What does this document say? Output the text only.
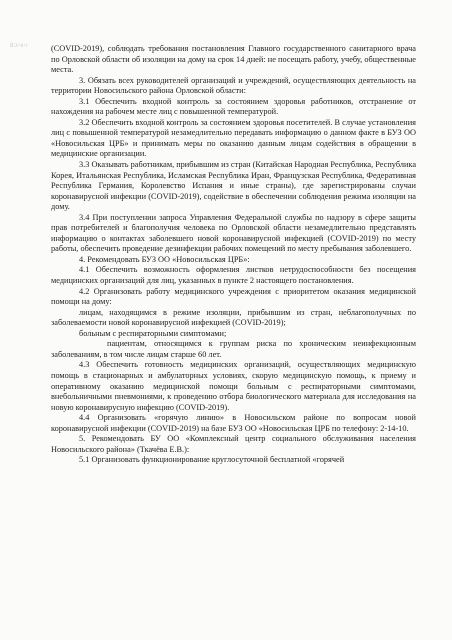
ЙЭ^8/г	(COVID-2019), соблюдать требования постановления Главного государственного санитарного врача по Орловской области об изоляции на дому на срок 14 дней: не посещать работу, учебу, общественные места.

3. Обязать всех руководителей организаций и учреждений, осуществляющих деятельность на территории Новосильского района Орловской области:

3.1 Обеспечить входной контроль за состоянием здоровья работников, отстранение от нахождения на рабочем месте лиц с повышенной температурой.

3.2 Обеспечить входной контроль за состоянием здоровья посетителей. В случае установления лиц с повышенной температурой незамедлительно передавать информацию о данном факте в БУЗ ОО «Новосильская ЦРБ» и принимать меры по оказанию данным лицам содействия в обращении в медицинские организации.

3.3 Оказывать работникам, прибывшим из стран (Китайская Народная Республика, Республика Корея, Итальянская Республика, Исламская Республика Иран, Французская Республика, Федеративная Республика Германия, Королевство Испания и иные страны), где зарегистрированы случаи коронавирусной инфекции (COVID-2019), содействие в обеспечении соблюдения режима изоляции на дому.

3.4 При поступлении запроса Управления Федеральной службы по надзору в сфере защиты прав потребителей и благополучия человека по Орловской области незамедлительно представлять информацию о контактах заболевшего новой коронавирусной инфекцией (COVID-2019) по месту работы, обеспечить проведение дезинфекции рабочих помещений по месту пребывания заболевшего.

4. Рекомендовать БУЗ ОО «Новосильская ЦРБ»:

4.1 Обеспечить возможность оформления листков нетрудоспособности без посещения медицинских организаций для лиц, указанных в пункте 2 настоящего постановления.

4.2 Организовать работу медицинского учреждения с приоритетом оказания медицинской помощи на дому:

лицам, находящимся в режиме изоляции, прибывшим из стран, неблагополучных по заболеваемости новой коронавирусной инфекцией (COVID-2019);

больным с респираторными симптомами;

пациентам, относящимся к группам риска по хроническим неинфекционным заболеваниям, в том числе лицам старше 60 лет.

4.3 Обеспечить готовность медицинских организаций, осуществляющих медицинскую помощь в стационарных и амбулаторных условиях, скорую медицинскую помощь, к приему и оперативному оказанию медицинской помощи больным с респираторными симптомами, внебольничными пневмониями, к проведению отбора биологического материала для исследования на новую коронавирусную инфекцию (COVID-2019).

4.4 Организовать «горячую линию» в Новосильском районе по вопросам новой коронавирусной инфекции (COVID-2019) на базе БУЗ ОО «Новосильская ЦРБ по телефону: 2-14-10.

5. Рекомендовать БУ ОО «Комплексный центр социального обслуживания населения Новосильского района» (Ткачёва Е.В.):

5.1 Организовать функционирование круглосуточной бесплатной «горячей
